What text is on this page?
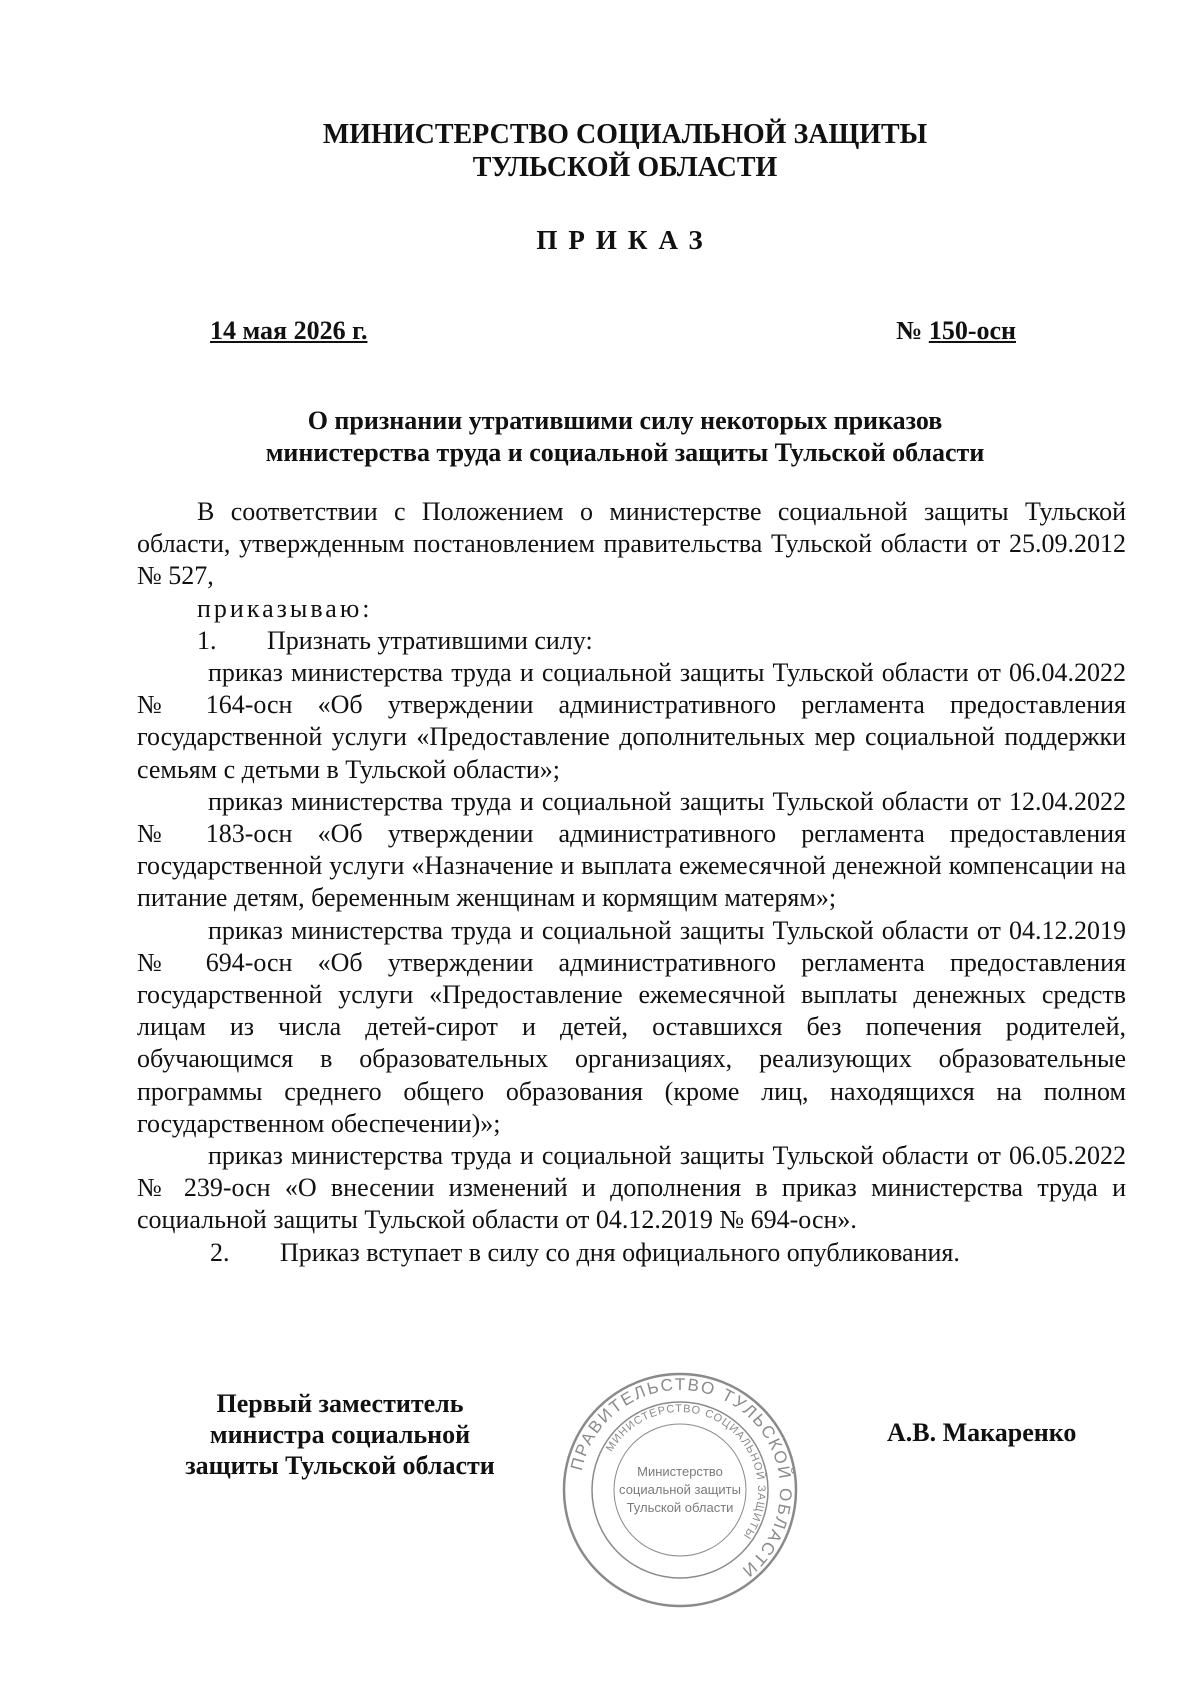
МИНИСТЕРСТВО СОЦИАЛЬНОЙ ЗАЩИТЫ
ТУЛЬСКОЙ ОБЛАСТИ
ПРИКАЗ
14 мая 2026 г.	№ 150-осн
О признании утратившими силу некоторых приказов
министерства труда и социальной защиты Тульской области

В соответствии с Положением о министерстве социальной защиты Тульской области, утвержденным постановлением правительства Тульской области от 25.09.2012 № 527,

приказываю:

1. Признать утратившими силу:

приказ министерства труда и социальной защиты Тульской области от 06.04.2022 № 164-осн «Об утверждении административного регламента предоставления государственной услуги «Предоставление дополнительных мер социальной поддержки семьям с детьми в Тульской области»;

приказ министерства труда и социальной защиты Тульской области от 12.04.2022 № 183-осн «Об утверждении административного регламента предоставления государственной услуги «Назначение и выплата ежемесячной денежной компенсации на питание детям, беременным женщинам и кормящим матерям»;

приказ министерства труда и социальной защиты Тульской области от 04.12.2019 № 694-осн «Об утверждении административного регламента предоставления государственной услуги «Предоставление ежемесячной выплаты денежных средств лицам из числа детей-сирот и детей, оставшихся без попечения родителей, обучающимся в образовательных организациях, реализующих образовательные программы среднего общего образования (кроме лиц, находящихся на полном государственном обеспечении)»;

приказ министерства труда и социальной защиты Тульской области от 06.05.2022 № 239-осн «О внесении изменений и дополнения в приказ министерства труда и социальной защиты Тульской области от 04.12.2019 № 694-осн».

2. Приказ вступает в силу со дня официального опубликования.

Первый заместитель
министра социальной
защиты Тульской области	ПРАВИТЕЛЬСТВО ТУЛЬСКОЙ ОБЛАСТИ
МИНИСТЕРСТВО СОЦИАЛЬНОЙ ЗАЩИТЫ
Министерство
социальной защиты
Тульской области
А.В. Макаренко
